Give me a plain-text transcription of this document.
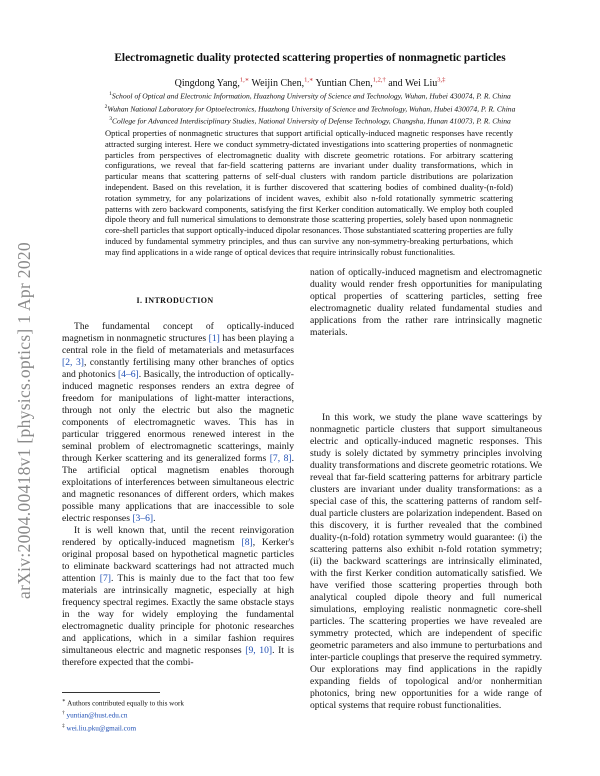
arXiv:2004.00418v1 [physics.optics] 1 Apr 2020
Electromagnetic duality protected scattering properties of nonmagnetic particles
Qingdong Yang,$^{1,∗}$ Weijin Chen,$^{1,∗}$ Yuntian Chen,$^{1,2,\dagger}$ and Wei Liu$^{3,\ddagger}$
$^1$School of Optical and Electronic Information, Huazhong University of Science and Technology, Wuhan, Hubei 430074, P. R. China
$^2$Wuhan National Laboratory for Optoelectronics, Huazhong University of Science and Technology, Wuhan, Hubei 430074, P. R. China
$^3$College for Advanced Interdisciplinary Studies, National University of Defense Technology, Changsha, Hunan 410073, P. R. China

Optical properties of nonmagnetic structures that support artificial optically-induced magnetic responses have recently attracted surging interest. Here we conduct symmetry-dictated investigations into scattering properties of nonmagnetic particles from perspectives of electromagnetic duality with discrete geometric rotations. For arbitrary scattering configurations, we reveal that far-field scattering patterns are invariant under duality transformations, which in particular means that scattering patterns of self-dual clusters with random particle distributions are polarization independent. Based on this revelation, it is further discovered that scattering bodies of combined duality-(n-fold) rotation symmetry, for any polarizations of incident waves, exhibit also n-fold rotationally symmetric scattering patterns with zero backward components, satisfying the first Kerker condition automatically. We employ both coupled dipole theory and full numerical simulations to demonstrate those scattering properties, solely based upon nonmagnetic core-shell particles that support optically-induced dipolar resonances. Those substantiated scattering properties are fully induced by fundamental symmetry principles, and thus can survive any non-symmetry-breaking perturbations, which may find applications in a wide range of optical devices that require intrinsically robust functionalities.

I. INTRODUCTION

The fundamental concept of optically-induced magnetism in nonmagnetic structures [1] has been playing a central role in the field of metamaterials and metasurfaces [2, 3], constantly fertilising many other branches of optics and photonics [4–6]. Basically, the introduction of optically-induced magnetic responses renders an extra degree of freedom for manipulations of light-matter interactions, through not only the electric but also the magnetic components of electromagnetic waves. This has in particular triggered enormous renewed interest in the seminal problem of electromagnetic scatterings, mainly through Kerker scattering and its generalized forms [7, 8]. The artificial optical magnetism enables thorough exploitations of interferences between simultaneous electric and magnetic resonances of different orders, which makes possible many applications that are inaccessible to sole electric responses [3–6].

It is well known that, until the recent reinvigoration rendered by optically-induced magnetism [8], Kerker's original proposal based on hypothetical magnetic particles to eliminate backward scatterings had not attracted much attention [7]. This is mainly due to the fact that too few materials are intrinsically magnetic, especially at high frequency spectral regimes. Exactly the same obstacle stays in the way for widely employing the fundamental electromagnetic duality principle for photonic researches and applications, which in a similar fashion requires simultaneous electric and magnetic responses [9, 10]. It is therefore expected that the combi-

nation of optically-induced magnetism and electromagnetic duality would render fresh opportunities for manipulating optical properties of scattering particles, setting free electromagnetic duality related fundamental studies and applications from the rather rare intrinsically magnetic materials.

In this work, we study the plane wave scatterings by nonmagnetic particle clusters that support simultaneous electric and optically-induced magnetic responses. This study is solely dictated by symmetry principles involving duality transformations and discrete geometric rotations. We reveal that far-field scattering patterns for arbitrary particle clusters are invariant under duality transformations: as a special case of this, the scattering patterns of random self-dual particle clusters are polarization independent. Based on this discovery, it is further revealed that the combined duality-(n-fold) rotation symmetry would guarantee: (i) the scattering patterns also exhibit n-fold rotation symmetry; (ii) the backward scatterings are intrinsically eliminated, with the first Kerker condition automatically satisfied. We have verified those scattering properties through both analytical coupled dipole theory and full numerical simulations, employing realistic nonmagnetic core-shell particles. The scattering properties we have revealed are symmetry protected, which are independent of specific geometric parameters and also immune to perturbations and inter-particle couplings that preserve the required symmetry. Our explorations may find applications in the rapidly expanding fields of topological and/or nonhermitian photonics, bring new opportunities for a wide range of optical systems that require robust functionalities.

∗ Authors contributed equally to this work
† yuntian@hust.edu.cn
‡ wei.liu.pku@gmail.com
